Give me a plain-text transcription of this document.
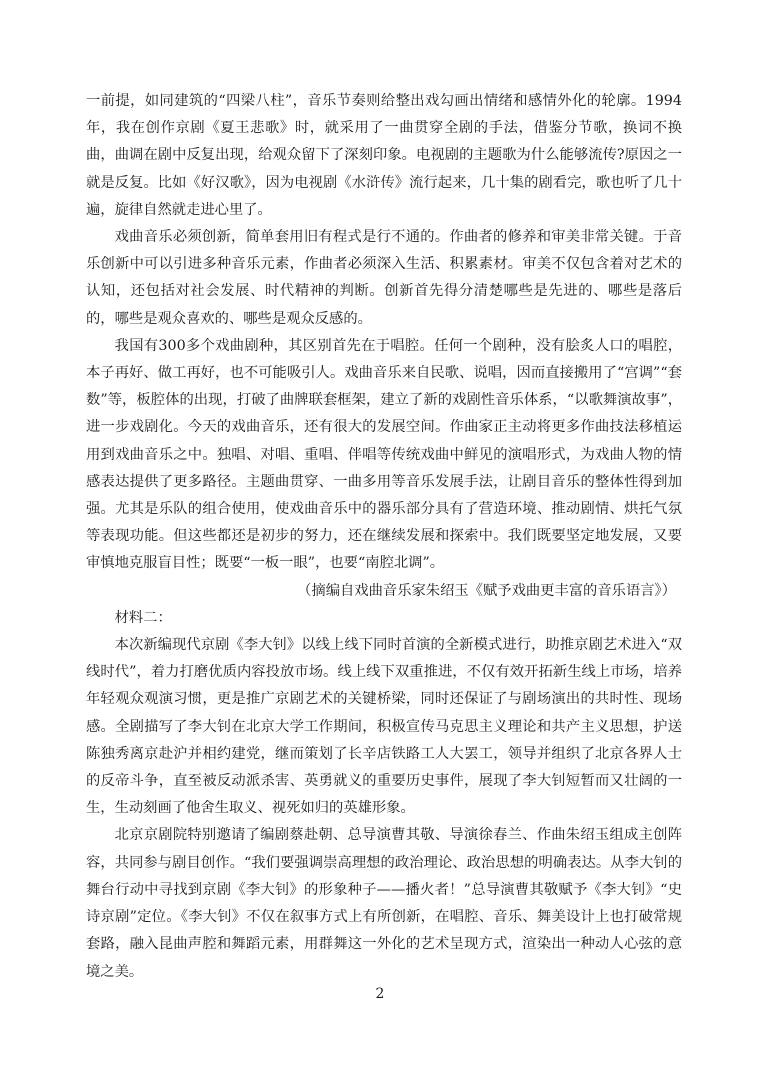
一前提，如同建筑的“四梁八柱”，音乐节奏则给整出戏勾画出情绪和感情外化的轮廓。1994年，我在创作京剧《夏王悲歌》时，就采用了一曲贯穿全剧的手法，借鉴分节歌，换词不换曲，曲调在剧中反复出现，给观众留下了深刻印象。电视剧的主题歌为什么能够流传?原因之一就是反复。比如《好汉歌》，因为电视剧《水浒传》流行起来，几十集的剧看完，歌也听了几十遍，旋律自然就走进心里了。

戏曲音乐必须创新，简单套用旧有程式是行不通的。作曲者的修养和审美非常关键。于音乐创新中可以引进多种音乐元素，作曲者必须深入生活、积累素材。审美不仅包含着对艺术的认知，还包括对社会发展、时代精神的判断。创新首先得分清楚哪些是先进的、哪些是落后的，哪些是观众喜欢的、哪些是观众反感的。

我国有300多个戏曲剧种，其区别首先在于唱腔。任何一个剧种，没有脍炙人口的唱腔，本子再好、做工再好，也不可能吸引人。戏曲音乐来自民歌、说唱，因而直接搬用了“宫调”“套数”等，板腔体的出现，打破了曲牌联套框架，建立了新的戏剧性音乐体系，“以歌舞演故事”，进一步戏剧化。今天的戏曲音乐，还有很大的发展空间。作曲家正主动将更多作曲技法移植运用到戏曲音乐之中。独唱、对唱、重唱、伴唱等传统戏曲中鲜见的演唱形式，为戏曲人物的情感表达提供了更多路径。主题曲贯穿、一曲多用等音乐发展手法，让剧目音乐的整体性得到加强。尤其是乐队的组合使用，使戏曲音乐中的器乐部分具有了营造环境、推动剧情、烘托气氛等表现功能。但这些都还是初步的努力，还在继续发展和探索中。我们既要坚定地发展，又要审慎地克服盲目性；既要“一板一眼”，也要“南腔北调”。

（摘编自戏曲音乐家朱绍玉《赋予戏曲更丰富的音乐语言》）

材料二：

本次新编现代京剧《李大钊》以线上线下同时首演的全新模式进行，助推京剧艺术进入“双线时代”，着力打磨优质内容投放市场。线上线下双重推进，不仅有效开拓新生线上市场，培养年轻观众观演习惯，更是推广京剧艺术的关键桥梁，同时还保证了与剧场演出的共时性、现场感。全剧描写了李大钊在北京大学工作期间，积极宣传马克思主义理论和共产主义思想，护送陈独秀离京赴沪并相约建党，继而策划了长辛店铁路工人大罢工，领导并组织了北京各界人士的反帝斗争，直至被反动派杀害、英勇就义的重要历史事件，展现了李大钊短暂而又壮阔的一生，生动刻画了他舍生取义、视死如归的英雄形象。

北京京剧院特别邀请了编剧蔡赴朝、总导演曹其敬、导演徐春兰、作曲朱绍玉组成主创阵容，共同参与剧目创作。“我们要强调崇高理想的政治理论、政治思想的明确表达。从李大钊的舞台行动中寻找到京剧《李大钊》的形象种子——播火者！”总导演曹其敬赋予《李大钊》“史诗京剧”定位。《李大钊》不仅在叙事方式上有所创新，在唱腔、音乐、舞美设计上也打破常规套路，融入昆曲声腔和舞蹈元素，用群舞这一外化的艺术呈现方式，渲染出一种动人心弦的意境之美。

2
